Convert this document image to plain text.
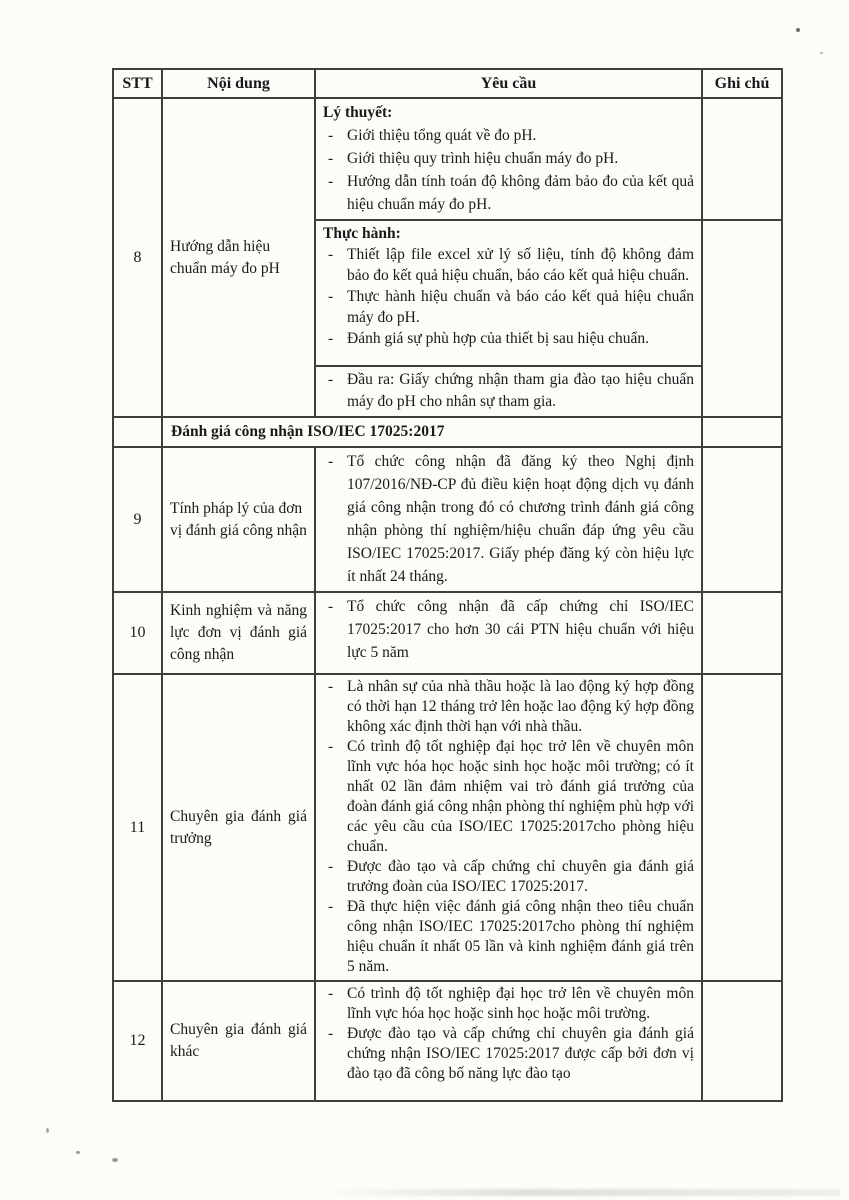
STT	Nội dung	Yêu cầu	Ghi chú
8	Hướng dẫn hiệu chuẩn máy đo pH	Lý thuyết:
- Giới thiệu tổng quát về đo pH.
- Giới thiệu quy trình hiệu chuẩn máy đo pH.
- Hướng dẫn tính toán độ không đảm bảo đo của kết quả hiệu chuẩn máy đo pH.

		Thực hành:
- Thiết lập file excel xử lý số liệu, tính độ không đảm bảo đo kết quả hiệu chuẩn, báo cáo kết quả hiệu chuẩn.
- Thực hành hiệu chuẩn và báo cáo kết quả hiệu chuẩn máy đo pH.
- Đánh giá sự phù hợp của thiết bị sau hiệu chuẩn.

		- Đầu ra: Giấy chứng nhận tham gia đào tạo hiệu chuẩn máy đo pH cho nhân sự tham gia.

	Đánh giá công nhận ISO/IEC 17025:2017		
9	Tính pháp lý của đơn vị đánh giá công nhận	- Tổ chức công nhận đã đăng ký theo Nghị định 107/2016/NĐ-CP đủ điều kiện hoạt động dịch vụ đánh giá công nhận trong đó có chương trình đánh giá công nhận phòng thí nghiệm/hiệu chuẩn đáp ứng yêu cầu ISO/IEC 17025:2017. Giấy phép đăng ký còn hiệu lực ít nhất 24 tháng.

10	Kinh nghiệm và năng lực đơn vị đánh giá công nhận	- Tổ chức công nhận đã cấp chứng chỉ ISO/IEC 17025:2017 cho hơn 30 cái PTN hiệu chuẩn với hiệu lực 5 năm

11	Chuyên gia đánh giá trưởng	- Là nhân sự của nhà thầu hoặc là lao động ký hợp đồng có thời hạn 12 tháng trở lên hoặc lao động ký hợp đồng không xác định thời hạn với nhà thầu.
- Có trình độ tốt nghiệp đại học trở lên về chuyên môn lĩnh vực hóa học hoặc sinh học hoặc môi trường; có ít nhất 02 lần đảm nhiệm vai trò đánh giá trưởng của đoàn đánh giá công nhận phòng thí nghiệm phù hợp với các yêu cầu của ISO/IEC 17025:2017cho phòng hiệu chuẩn.
- Được đào tạo và cấp chứng chỉ chuyên gia đánh giá trưởng đoàn của ISO/IEC 17025:2017.
- Đã thực hiện việc đánh giá công nhận theo tiêu chuẩn công nhận ISO/IEC 17025:2017cho phòng thí nghiệm hiệu chuẩn ít nhất 05 lần và kinh nghiệm đánh giá trên 5 năm.

12	Chuyên gia đánh giá khác	- Có trình độ tốt nghiệp đại học trở lên về chuyên môn lĩnh vực hóa học hoặc sinh học hoặc môi trường.
- Được đào tạo và cấp chứng chỉ chuyên gia đánh giá chứng nhận ISO/IEC 17025:2017 được cấp bởi đơn vị đào tạo đã công bố năng lực đào tạo
